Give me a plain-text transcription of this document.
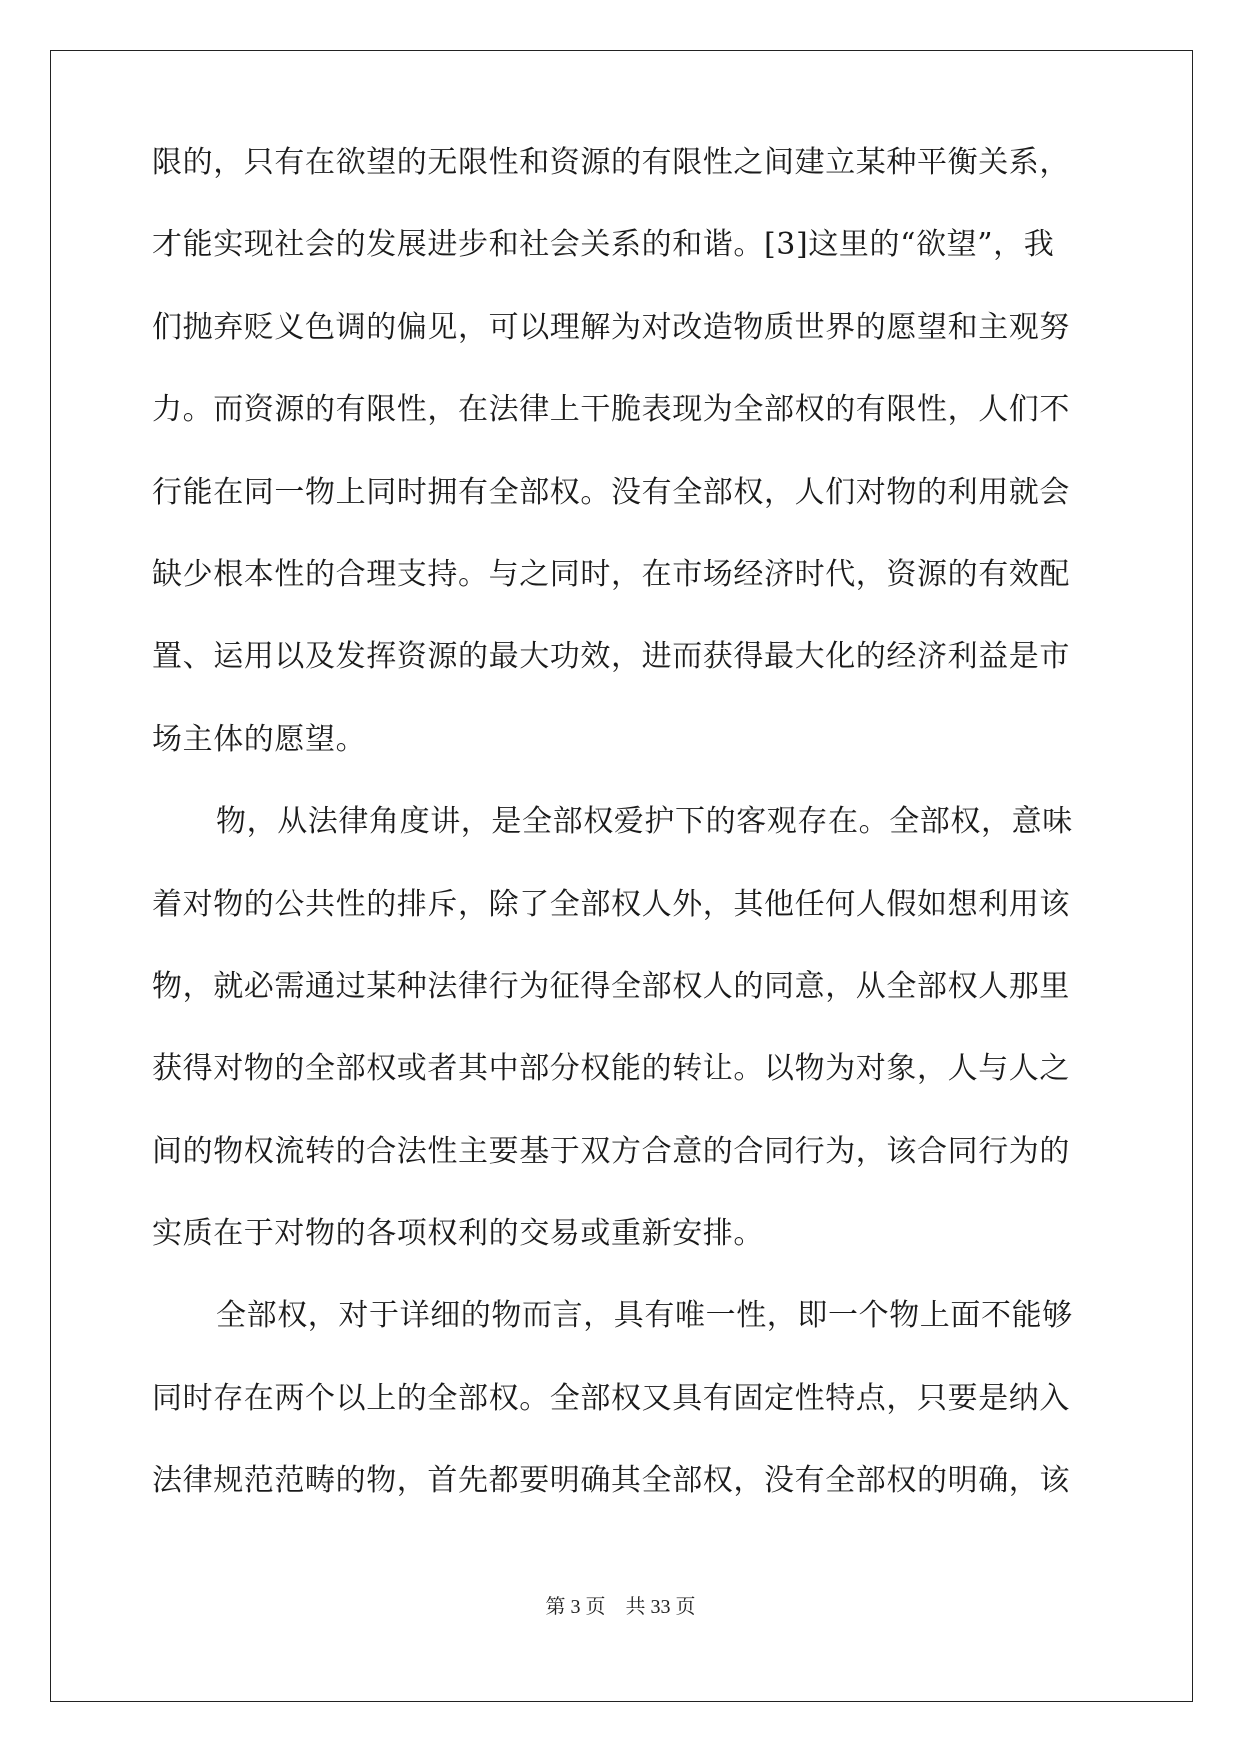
限的，只有在欲望的无限性和资源的有限性之间建立某种平衡关系，
才能实现社会的发展进步和社会关系的和谐。[3]这里的“欲望”，我
们抛弃贬义色调的偏见，可以理解为对改造物质世界的愿望和主观努
力。而资源的有限性，在法律上干脆表现为全部权的有限性，人们不
行能在同一物上同时拥有全部权。没有全部权，人们对物的利用就会
缺少根本性的合理支持。与之同时，在市场经济时代，资源的有效配
置、运用以及发挥资源的最大功效，进而获得最大化的经济利益是市
场主体的愿望。
物，从法律角度讲，是全部权爱护下的客观存在。全部权，意味
着对物的公共性的排斥，除了全部权人外，其他任何人假如想利用该
物，就必需通过某种法律行为征得全部权人的同意，从全部权人那里
获得对物的全部权或者其中部分权能的转让。以物为对象，人与人之
间的物权流转的合法性主要基于双方合意的合同行为，该合同行为的
实质在于对物的各项权利的交易或重新安排。
全部权，对于详细的物而言，具有唯一性，即一个物上面不能够
同时存在两个以上的全部权。全部权又具有固定性特点，只要是纳入
法律规范范畴的物，首先都要明确其全部权，没有全部权的明确，该
第 3 页　共 33 页
